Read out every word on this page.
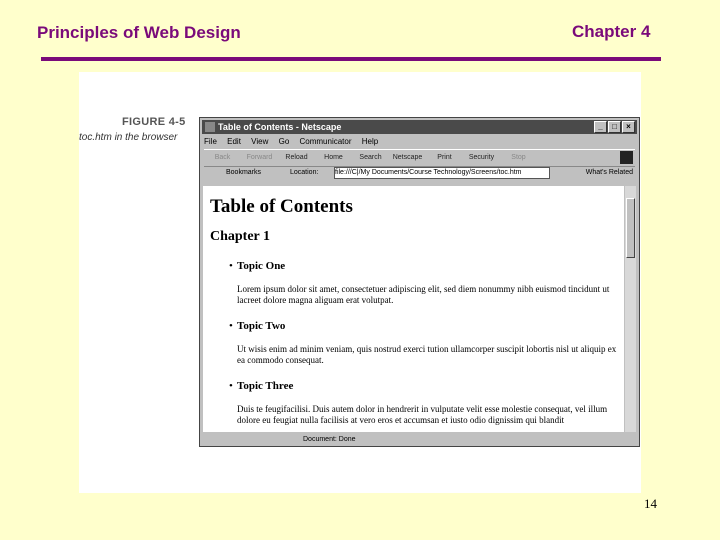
Principles of Web Design	Chapter 4
FIGURE 4-5
toc.htm in the browser
Table of Contents - Netscape	_ □ ×
File Edit View Go Communicator Help
Back Forward Reload Home Search Netscape Print Security Stop
Bookmarks	Location: file:///C|/My Documents/Course Technology/Screens/toc.htm	What's Related
Table of Contents
Chapter 1
• Topic One
Lorem ipsum dolor sit amet, consectetuer adipiscing elit, sed diem nonummy nibh euismod tincidunt ut lacreet dolore magna aliguam erat volutpat.
• Topic Two
Ut wisis enim ad minim veniam, quis nostrud exerci tution ullamcorper suscipit lobortis nisl ut aliquip ex ea commodo consequat.
• Topic Three
Duis te feugifacilisi. Duis autem dolor in hendrerit in vulputate velit esse molestie consequat, vel illum dolore eu feugiat nulla facilisis at vero eros et accumsan et iusto odio dignissim qui blandit
Document: Done
14
